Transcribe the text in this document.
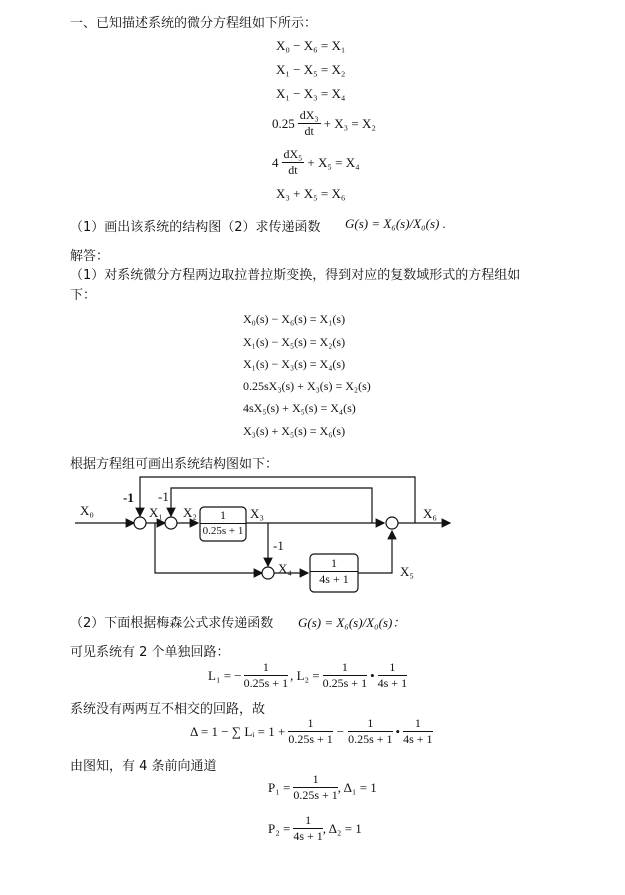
一、已知描述系统的微分方程组如下所示：
X₀ − X₆ = X₁
X₁ − X₅ = X₂
X₁ − X₃ = X₄
$0.25 \frac{\text{dX₃}}{dt} + X_3 = X_2$
$4 \frac{\text{dX₅}}{dt} + X_5 = X_4$
X₃ + X₅ = X₆
（1）画出该系统的结构图（2）求传递函数 G(s) = X₆(s)/X₀(s) .
解答：
（1）对系统微分方程两边取拉普拉斯变换，得到对应的复数域形式的方程组如
下：
X₀(s) − X₆(s) = X₁(s)
X₁(s) − X₅(s) = X₂(s)
X₁(s) − X₃(s) = X₄(s)
0.25sX₃(s) + X₃(s) = X₂(s)
4sX₅(s) + X₅(s) = X₄(s)
X₃(s) + X₅(s) = X₆(s)
根据方程组可画出系统结构图如下：
X₀
-1 -1
X₁ X₂	X₃	X₆
-1
X₄	X₅
$\frac{1}{0.25s + 1}$
$\frac{1}{4s + 1}$
（2）下面根据梅森公式求传递函数 G(s) = X₆(s)/X₀(s)：
可见系统有 2 个单独回路：
L₁ = − $\frac{1}{0.25s + 1}$ , $L_2 = \frac{1}{0.25s + 1}$ • $\frac{1}{4s + 1}$
系统没有两两互不相交的回路，故
Δ = 1 − ∑ Lᵢ = $1 + \frac{1}{0.25s + 1} - \frac{1}{0.25s + 1}$ • $\frac{1}{4s + 1}$
由图知，有 4 条前向通道
$P_1 = \frac{1}{0.25s + 1}$ , Δ₁ = 1
$P_2 = \frac{1}{4s + 1}$ , Δ₂ = 1
